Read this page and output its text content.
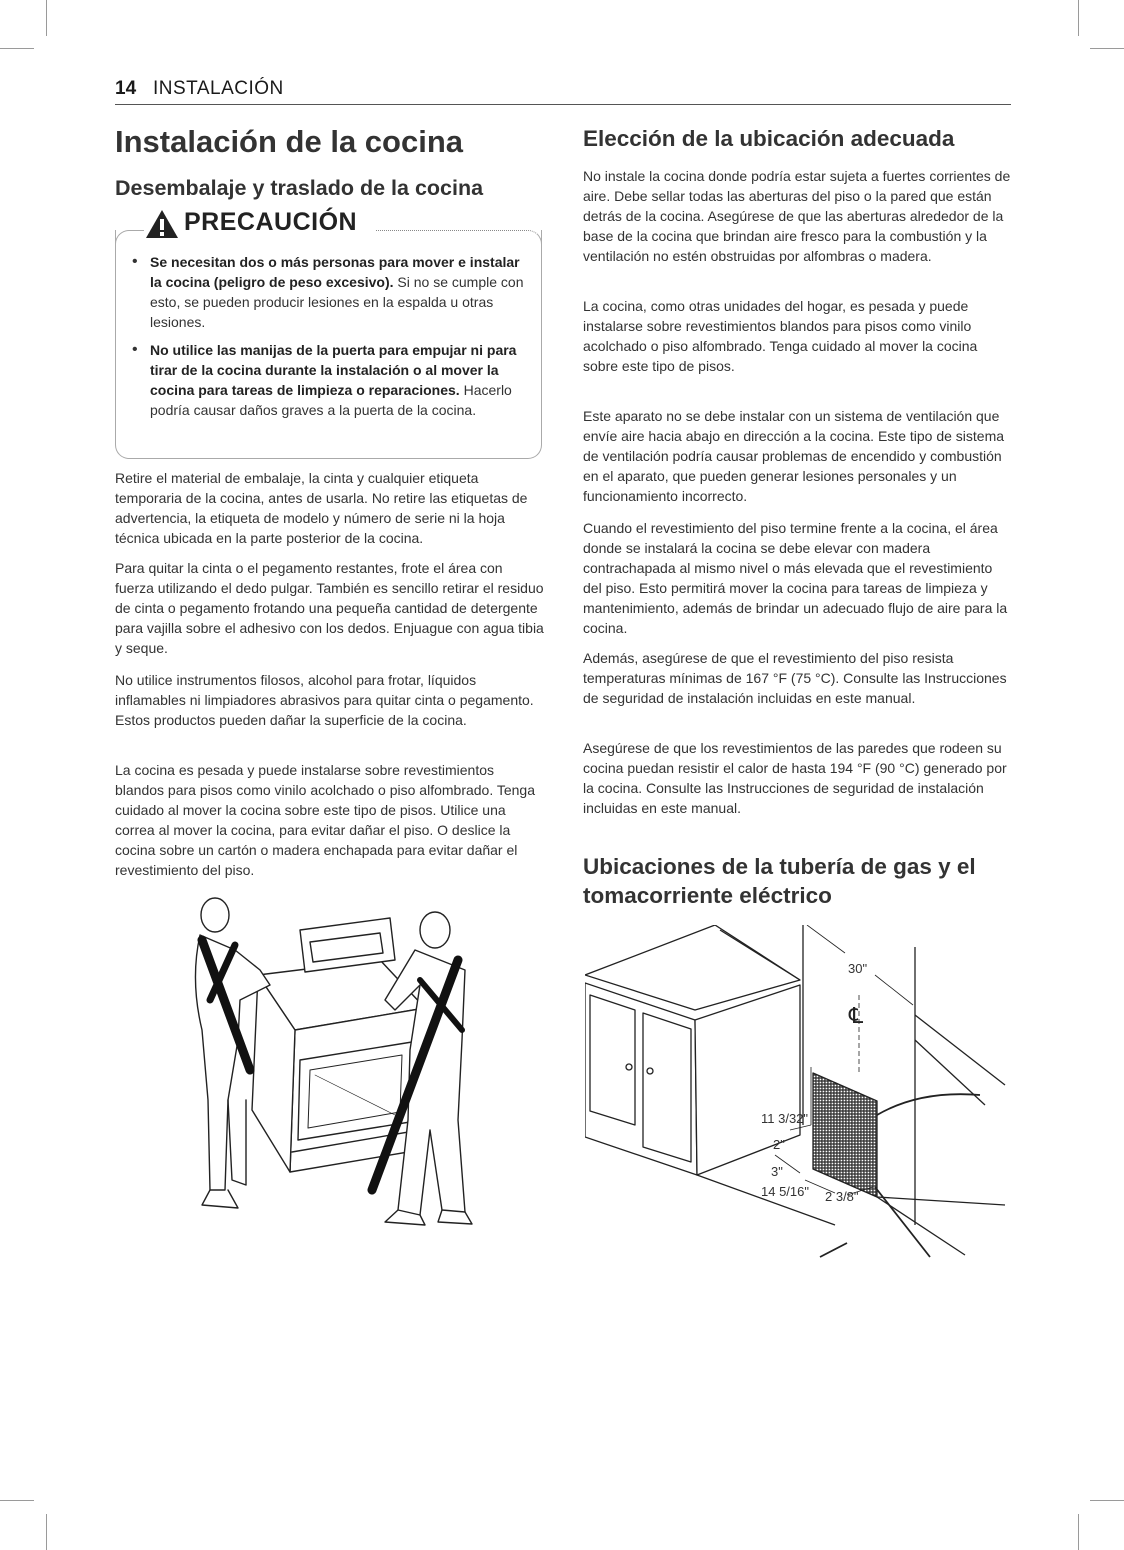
14 INSTALACIÓN
Instalación de la cocina
Desembalaje y traslado de la cocina
PRECAUCIÓN
• Se necesitan dos o más personas para mover e instalar la cocina (peligro de peso excesivo). Si no se cumple con esto, se pueden producir lesiones en la espalda u otras lesiones.
• No utilice las manijas de la puerta para empujar ni para tirar de la cocina durante la instalación o al mover la cocina para tareas de limpieza o reparaciones. Hacerlo podría causar daños graves a la puerta de la cocina.

Retire el material de embalaje, la cinta y cualquier etiqueta temporaria de la cocina, antes de usarla. No retire las etiquetas de advertencia, la etiqueta de modelo y número de serie ni la hoja técnica ubicada en la parte posterior de la cocina.

Para quitar la cinta o el pegamento restantes, frote el área con fuerza utilizando el dedo pulgar. También es sencillo retirar el residuo de cinta o pegamento frotando una pequeña cantidad de detergente para vajilla sobre el adhesivo con los dedos. Enjuague con agua tibia y seque.

No utilice instrumentos filosos, alcohol para frotar, líquidos inflamables ni limpiadores abrasivos para quitar cinta o pegamento. Estos productos pueden dañar la superficie de la cocina.

La cocina es pesada y puede instalarse sobre revestimientos blandos para pisos como vinilo acolchado o piso alfombrado. Tenga cuidado al mover la cocina sobre este tipo de pisos. Utilice una correa al mover la cocina, para evitar dañar el piso. O deslice la cocina sobre un cartón o madera enchapada para evitar dañar el revestimiento del piso.

Elección de la ubicación adecuada

No instale la cocina donde podría estar sujeta a fuertes corrientes de aire. Debe sellar todas las aberturas del piso o la pared que están detrás de la cocina. Asegúrese de que las aberturas alrededor de la base de la cocina que brindan aire fresco para la combustión y la ventilación no estén obstruidas por alfombras o madera.

La cocina, como otras unidades del hogar, es pesada y puede instalarse sobre revestimientos blandos para pisos como vinilo acolchado o piso alfombrado. Tenga cuidado al mover la cocina sobre este tipo de pisos.

Este aparato no se debe instalar con un sistema de ventilación que envíe aire hacia abajo en dirección a la cocina. Este tipo de sistema de ventilación podría causar problemas de encendido y combustión en el aparato, que pueden generar lesiones personales y un funcionamiento incorrecto.

Cuando el revestimiento del piso termine frente a la cocina, el área donde se instalará la cocina se debe elevar con madera contrachapada al mismo nivel o más elevada que el revestimiento del piso. Esto permitirá mover la cocina para tareas de limpieza y mantenimiento, además de brindar un adecuado flujo de aire para la cocina.

Además, asegúrese de que el revestimiento del piso resista temperaturas mínimas de 167 °F (75 °C). Consulte las Instrucciones de seguridad de instalación incluidas en este manual.

Asegúrese de que los revestimientos de las paredes que rodeen su cocina puedan resistir el calor de hasta 194 °F (90 °C) generado por la cocina. Consulte las Instrucciones de seguridad de instalación incluidas en este manual.

Ubicaciones de la tubería de gas y el
tomacorriente eléctrico
30"
℄
11 3/32"
2"
3"
14 5/16" 2 3/8"
